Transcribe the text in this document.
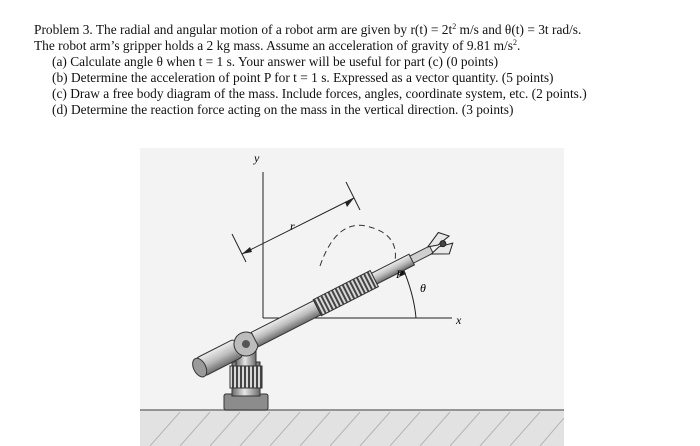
Problem 3. The radial and angular motion of a robot arm are given by $r(t) = 2t^2$ m/s and θ(t) = 3t rad/s.

The robot arm’s gripper holds a 2 kg mass. Assume an acceleration of gravity of 9.81 $m/s^2$.

(a) Calculate angle θ when t = 1 s. Your answer will be useful for part (c) (0 points)

(b) Determine the acceleration of point P for t = 1 s. Expressed as a vector quantity. (5 points)

(c) Draw a free body diagram of the mass. Include forces, angles, coordinate system, etc. (2 points.)

(d) Determine the reaction force acting on the mass in the vertical direction. (3 points)

y
x
r
θ
P
